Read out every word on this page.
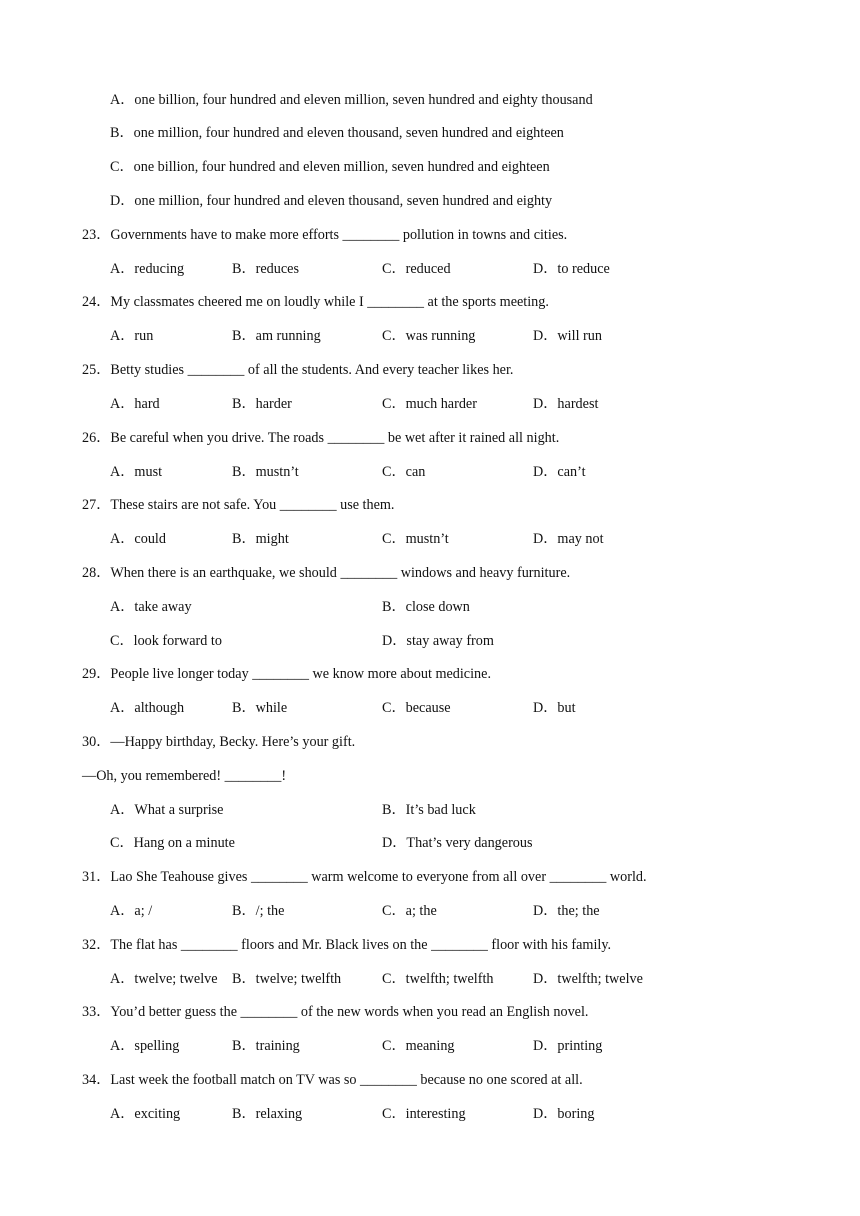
A．one billion, four hundred and eleven million, seven hundred and eighty thousand
B．one million, four hundred and eleven thousand, seven hundred and eighteen
C．one billion, four hundred and eleven million, seven hundred and eighteen
D．one million, four hundred and eleven thousand, seven hundred and eighty
23．Governments have to make more efforts ________ pollution in towns and cities.
A．reducing	B．reduces	C．reduced	D．to reduce
24．My classmates cheered me on loudly while I ________ at the sports meeting.
A．run	B．am running	C．was running	D．will run
25．Betty studies ________ of all the students. And every teacher likes her.
A．hard	B．harder	C．much harder	D．hardest
26．Be careful when you drive. The roads ________ be wet after it rained all night.
A．must	B．mustn’t	C．can	D．can’t
27．These stairs are not safe. You ________ use them.
A．could	B．might	C．mustn’t	D．may not
28．When there is an earthquake, we should ________ windows and heavy furniture.
A．take away	B．close down
C．look forward to	D．stay away from
29．People live longer today ________ we know more about medicine.
A．although	B．while	C．because	D．but
30．—Happy birthday, Becky. Here’s your gift.
—Oh, you remembered! ________!
A．What a surprise	B．It’s bad luck
C．Hang on a minute	D．That’s very dangerous
31．Lao She Teahouse gives ________ warm welcome to everyone from all over ________ world.
A．a; /	B．/; the	C．a; the	D．the; the
32．The flat has ________ floors and Mr. Black lives on the ________ floor with his family.
A．twelve; twelve B．twelve; twelfth	C．twelfth; twelfth	D．twelfth; twelve
33．You’d better guess the ________ of the new words when you read an English novel.
A．spelling	B．training	C．meaning	D．printing
34．Last week the football match on TV was so ________ because no one scored at all.
A．exciting	B．relaxing	C．interesting	D．boring
